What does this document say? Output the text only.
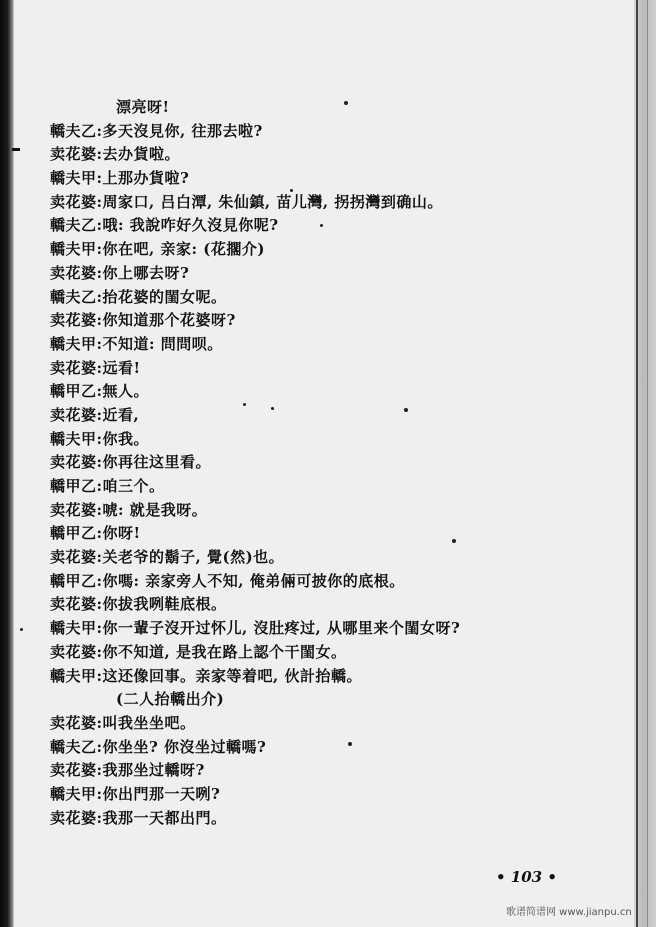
漂亮呀!
轎夫乙: 多天沒見你, 往那去啦?
卖花婆: 去办貨啦。
轎夫甲: 上那办貨啦?
卖花婆: 周家口, 吕白潭, 朱仙鎮, 苗儿灣, 拐拐灣到确山。
轎夫乙: 哦: 我說咋好久沒見你呢?
轎夫甲: 你在吧, 亲家: (花擱介)
卖花婆: 你上哪去呀?
轎夫乙: 抬花婆的閨女呢。
卖花婆: 你知道那个花婆呀?
轎夫甲: 不知道: 問問呗。
卖花婆: 远看!
轎甲乙: 無人。
卖花婆: 近看,
轎夫甲: 你我。
卖花婆: 你再往这里看。
轎甲乙: 咱三个。
卖花婆: 唬: 就是我呀。
轎甲乙: 你呀!
卖花婆: 关老爷的鬍子, 覺(然)也。
轎甲乙: 你嗎: 亲家旁人不知, 俺弟倆可披你的底根。
卖花婆: 你拔我咧鞋底根。
轎夫甲: 你一輩子沒开过怀儿, 沒肚疼过, 从哪里来个閨女呀?
卖花婆: 你不知道, 是我在路上認个干閨女。
轎夫甲: 这还像回事。亲家等着吧, 伙計抬轎。
(二人抬轎出介)
卖花婆: 叫我坐坐吧。
轎夫乙: 你坐坐? 你沒坐过轎嗎?
卖花婆: 我那坐过轎呀?
轎夫甲: 你出門那一天咧?
卖花婆: 我那一天都出門。
• 103 •
歌谱简谱网 www.jianpu.cn
